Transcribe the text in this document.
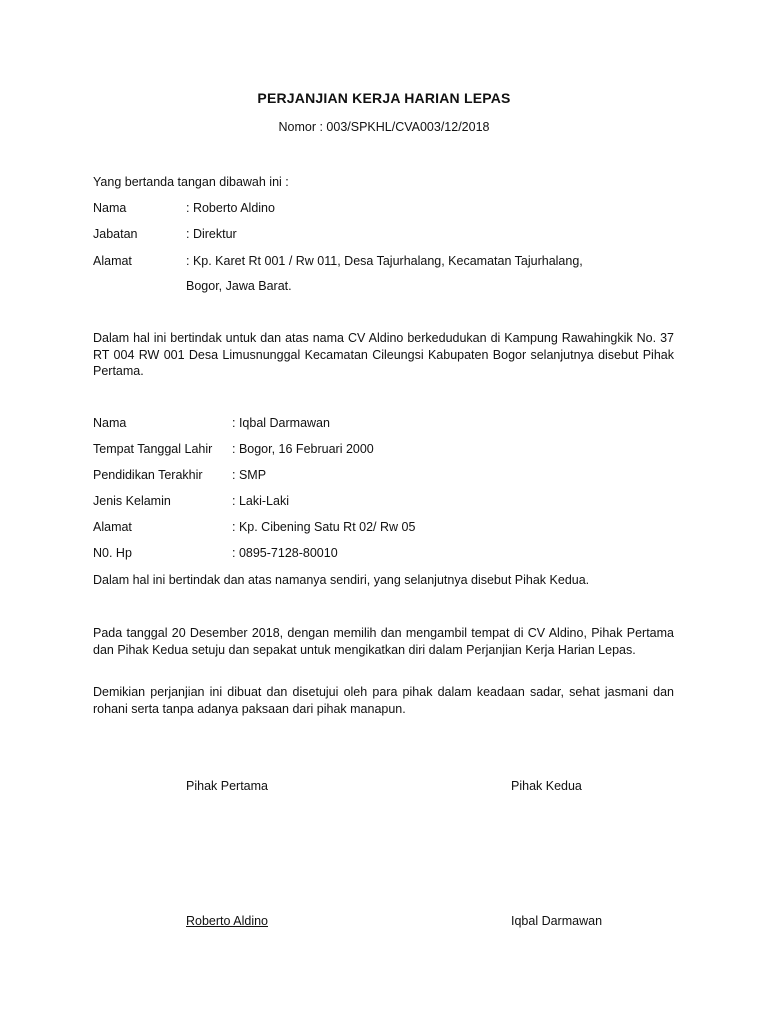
PERJANJIAN KERJA HARIAN LEPAS
Nomor : 003/SPKHL/CVA003/12/2018
Yang bertanda tangan dibawah ini :
Nama	: Roberto Aldino
Jabatan	: Direktur
Alamat	: Kp. Karet Rt 001 / Rw 011, Desa Tajurhalang, Kecamatan Tajurhalang,
Bogor, Jawa Barat.
Dalam hal ini bertindak untuk dan atas nama CV Aldino berkedudukan di Kampung Rawahingkik No. 37 RT 004 RW 001 Desa Limusnunggal Kecamatan Cileungsi Kabupaten Bogor selanjutnya disebut Pihak Pertama.
Nama	: Iqbal Darmawan
Tempat Tanggal Lahir : Bogor, 16 Februari 2000
Pendidikan Terakhir : SMP
Jenis Kelamin	: Laki-Laki
Alamat	: Kp. Cibening Satu Rt 02/ Rw 05
N0. Hp	: 0895-7128-80010
Dalam hal ini bertindak dan atas namanya sendiri, yang selanjutnya disebut Pihak Kedua.
Pada tanggal 20 Desember 2018, dengan memilih dan mengambil tempat di CV Aldino, Pihak Pertama dan Pihak Kedua setuju dan sepakat untuk mengikatkan diri dalam Perjanjian Kerja Harian Lepas.
Demikian perjanjian ini dibuat dan disetujui oleh para pihak dalam keadaan sadar, sehat jasmani dan rohani serta tanpa adanya paksaan dari pihak manapun.
Pihak Pertama	Pihak Kedua
Roberto Aldino	Iqbal Darmawan
